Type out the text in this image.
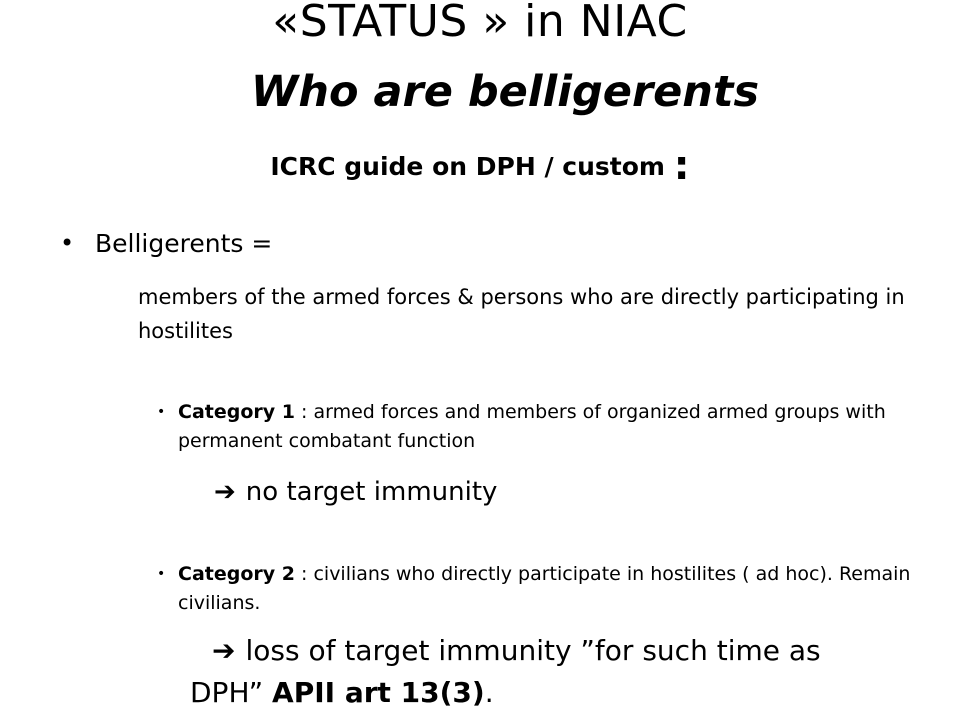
«STATUS » in NIAC
Who are belligerents
ICRC guide on DPH / custom :
• Belligerents =
members of the armed forces & persons who are directly participating in hostilites
• Category 1 : armed forces and members of organized armed groups with permanent combatant function
➔ no target immunity
• Category 2 : civilians who directly participate in hostilites ( ad hoc). Remain civilians.
➔ loss of target immunity ”for such time as
DPH” APII art 13(3).
